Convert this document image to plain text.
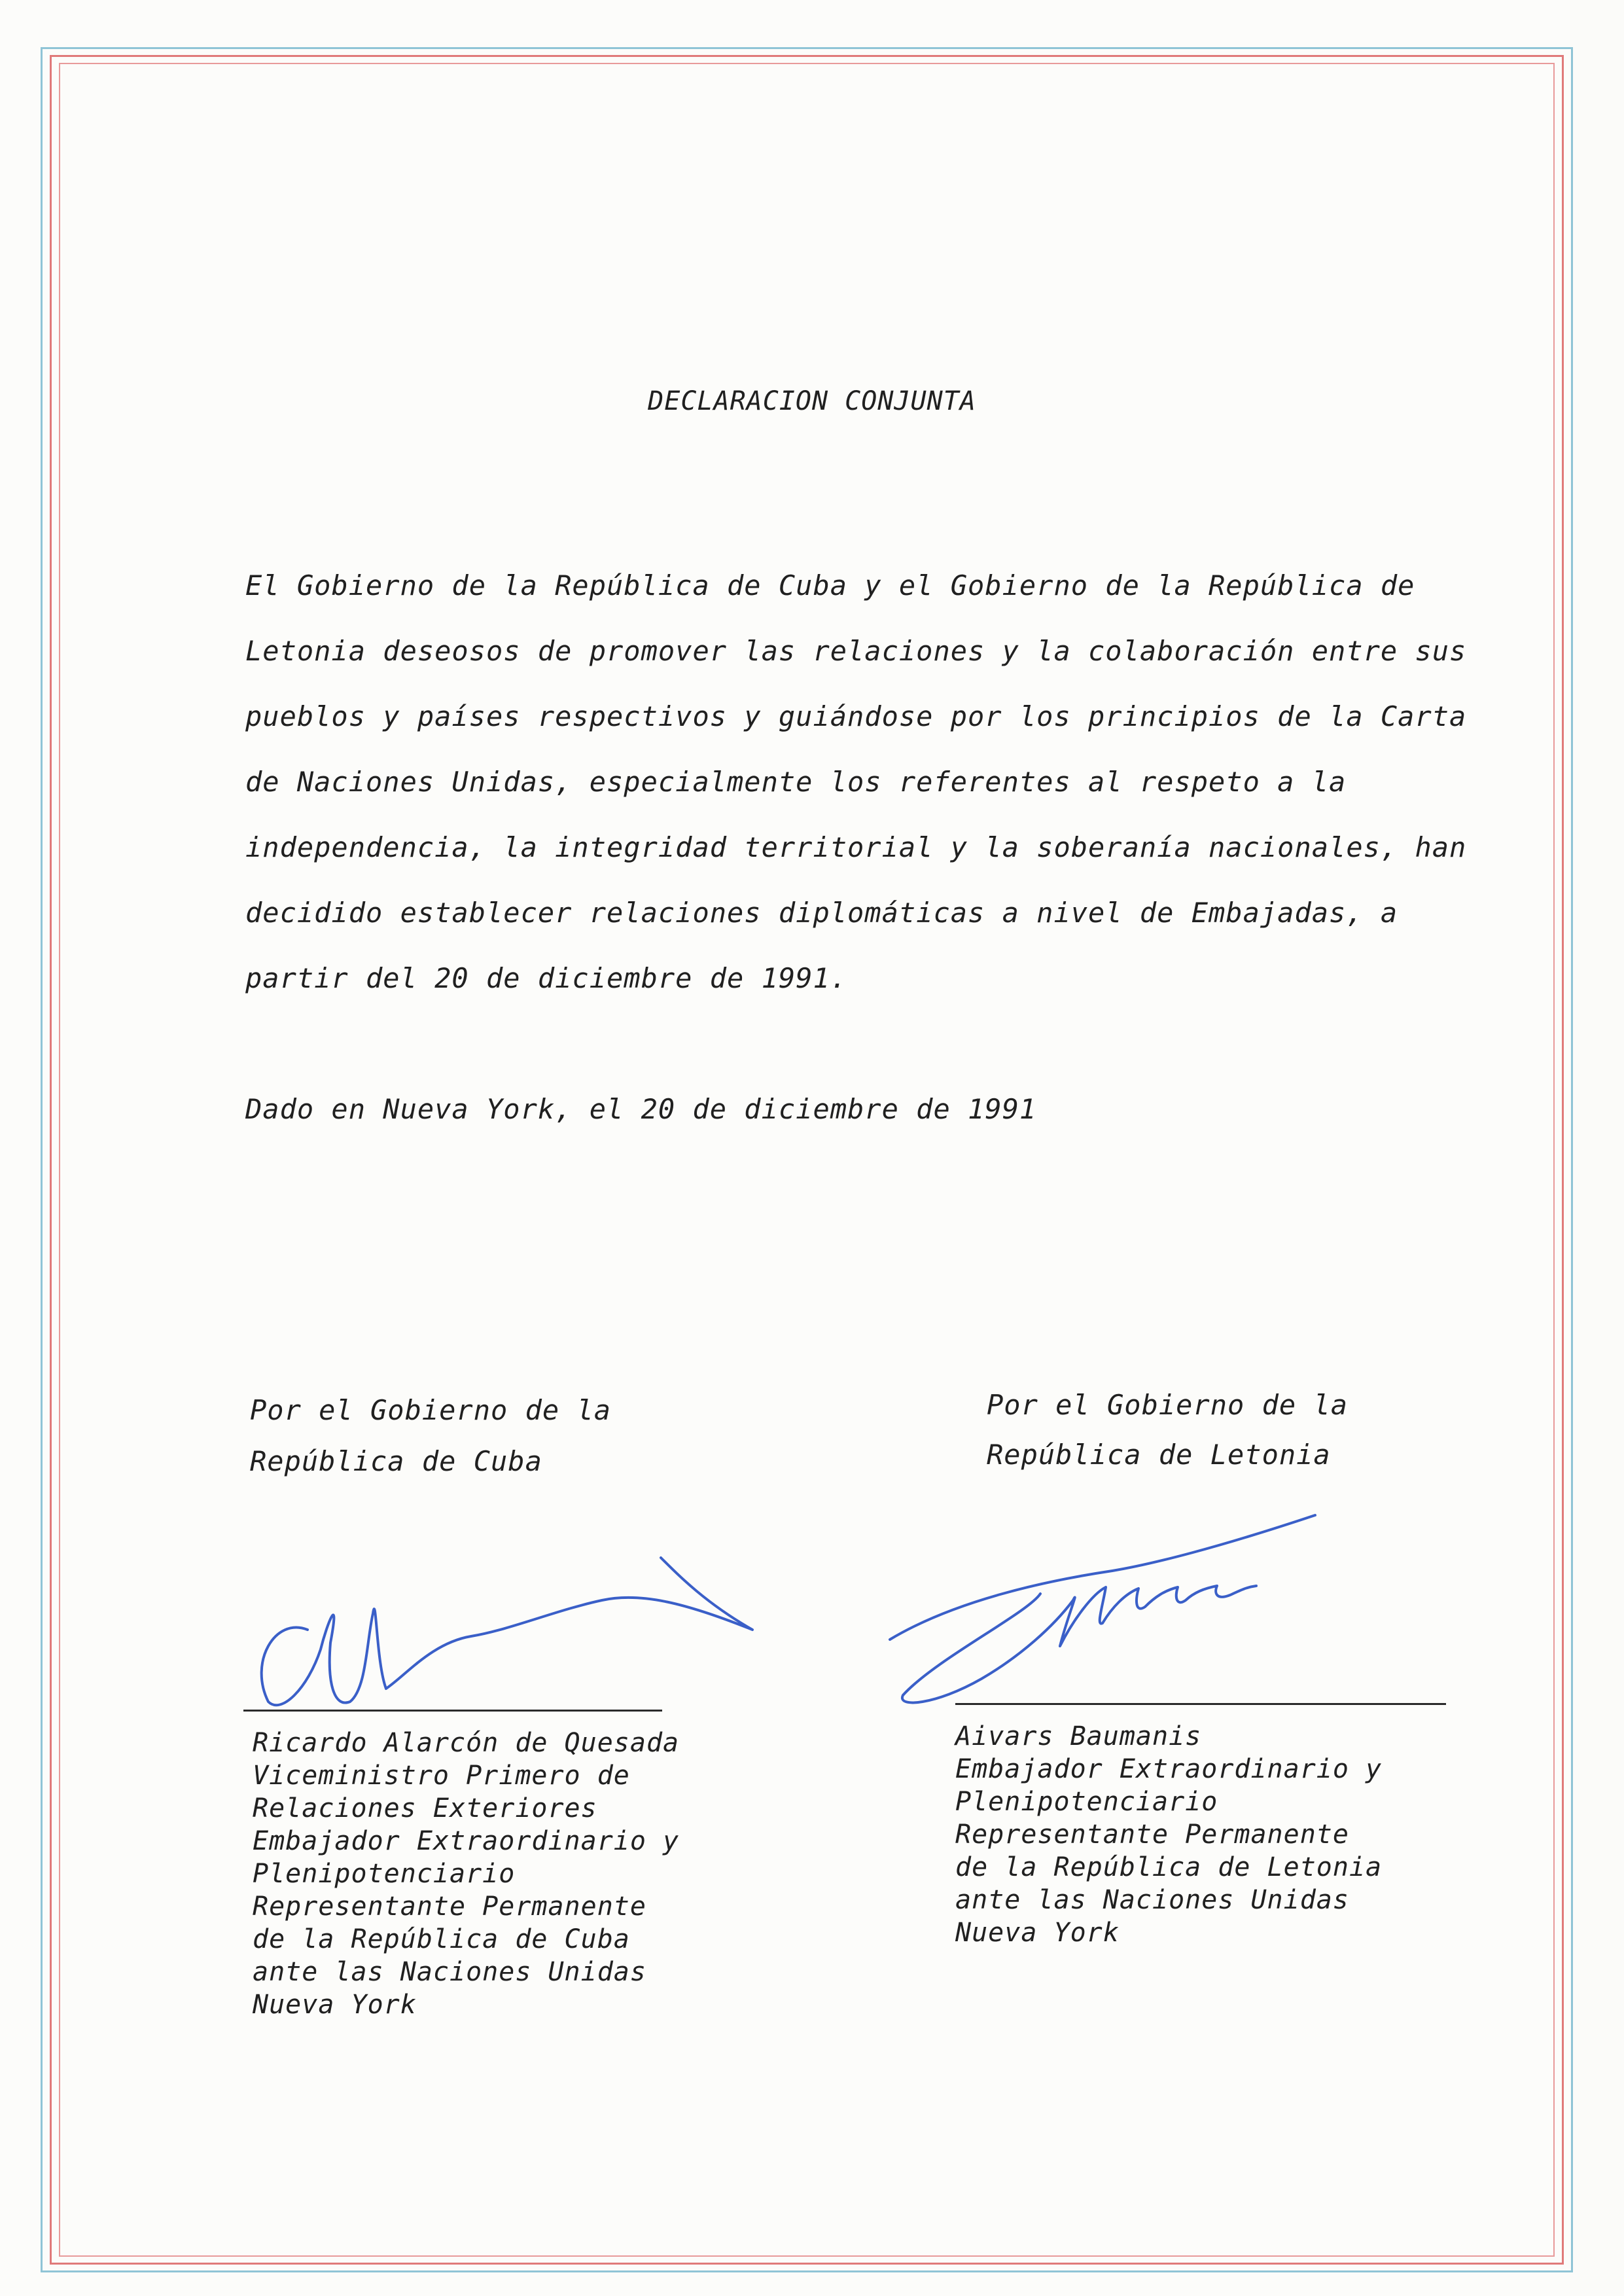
DECLARACION CONJUNTA
El Gobierno de la República de Cuba y el Gobierno de la República de
Letonia deseosos de promover las relaciones y la colaboración entre sus
pueblos y países respectivos y guiándose por los principios de la Carta
de Naciones Unidas, especialmente los referentes al respeto a la
independencia, la integridad territorial y la soberanía nacionales, han
decidido establecer relaciones diplomáticas a nivel de Embajadas, a
partir del 20 de diciembre de 1991.
Dado en Nueva York, el 20 de diciembre de 1991
Por el Gobierno de la
República de Cuba
Por el Gobierno de la
República de Letonia
Ricardo Alarcón de Quesada
Viceministro Primero de
Relaciones Exteriores
Embajador Extraordinario y
Plenipotenciario
Representante Permanente
de la República de Cuba
ante las Naciones Unidas
Nueva York
Aivars Baumanis
Embajador Extraordinario y
Plenipotenciario
Representante Permanente
de la República de Letonia
ante las Naciones Unidas
Nueva York
